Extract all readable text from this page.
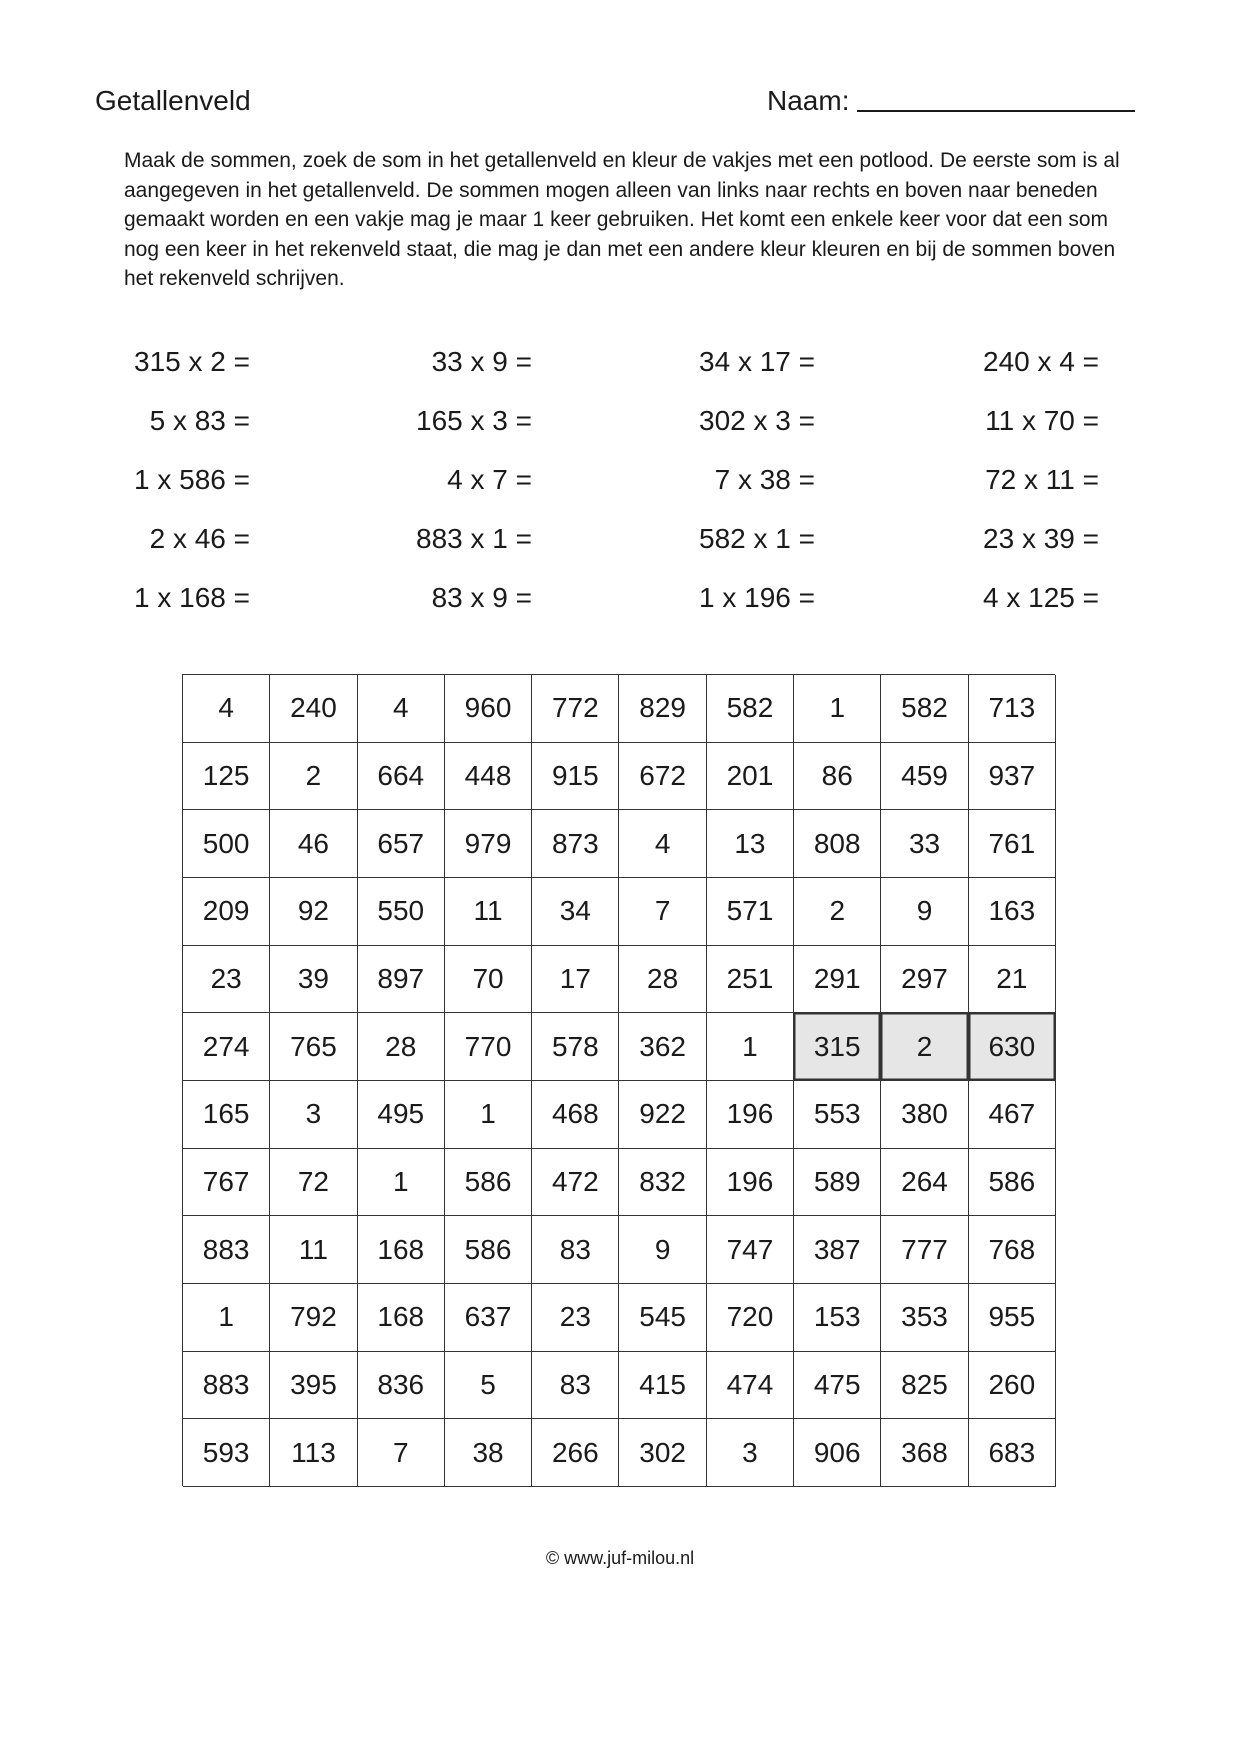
Getallenveld	Naam:

Maak de sommen, zoek de som in het getallenveld en kleur de vakjes met een potlood. De eerste som is al aangegeven in het getallenveld. De sommen mogen alleen van links naar rechts en boven naar beneden gemaakt worden en een vakje mag je maar 1 keer gebruiken. Het komt een enkele keer voor dat een som nog een keer in het rekenveld staat, die mag je dan met een andere kleur kleuren en bij de sommen boven het rekenveld schrijven.

315 x 2 =	33 x 9 =	34 x 17 =	240 x 4 =
5 x 83 =	165 x 3 =	302 x 3 =	11 x 70 =
1 x 586 =	4 x 7 =	7 x 38 =	72 x 11 =
2 x 46 =	883 x 1 =	582 x 1 =	23 x 39 =
1 x 168 =	83 x 9 =	1 x 196 =	4 x 125 =
4	240	4	960	772	829	582	1	582	713
125	2	664	448	915	672	201	86	459	937
500	46	657	979	873	4	13	808	33	761
209	92	550	11	34	7	571	2	9	163
23	39	897	70	17	28	251	291	297	21
274	765	28	770	578	362	1	315	2	630
165	3	495	1	468	922	196	553	380	467
767	72	1	586	472	832	196	589	264	586
883	11	168	586	83	9	747	387	777	768
1	792	168	637	23	545	720	153	353	955
883	395	836	5	83	415	474	475	825	260
593	113	7	38	266	302	3	906	368	683
© www.juf-milou.nl
